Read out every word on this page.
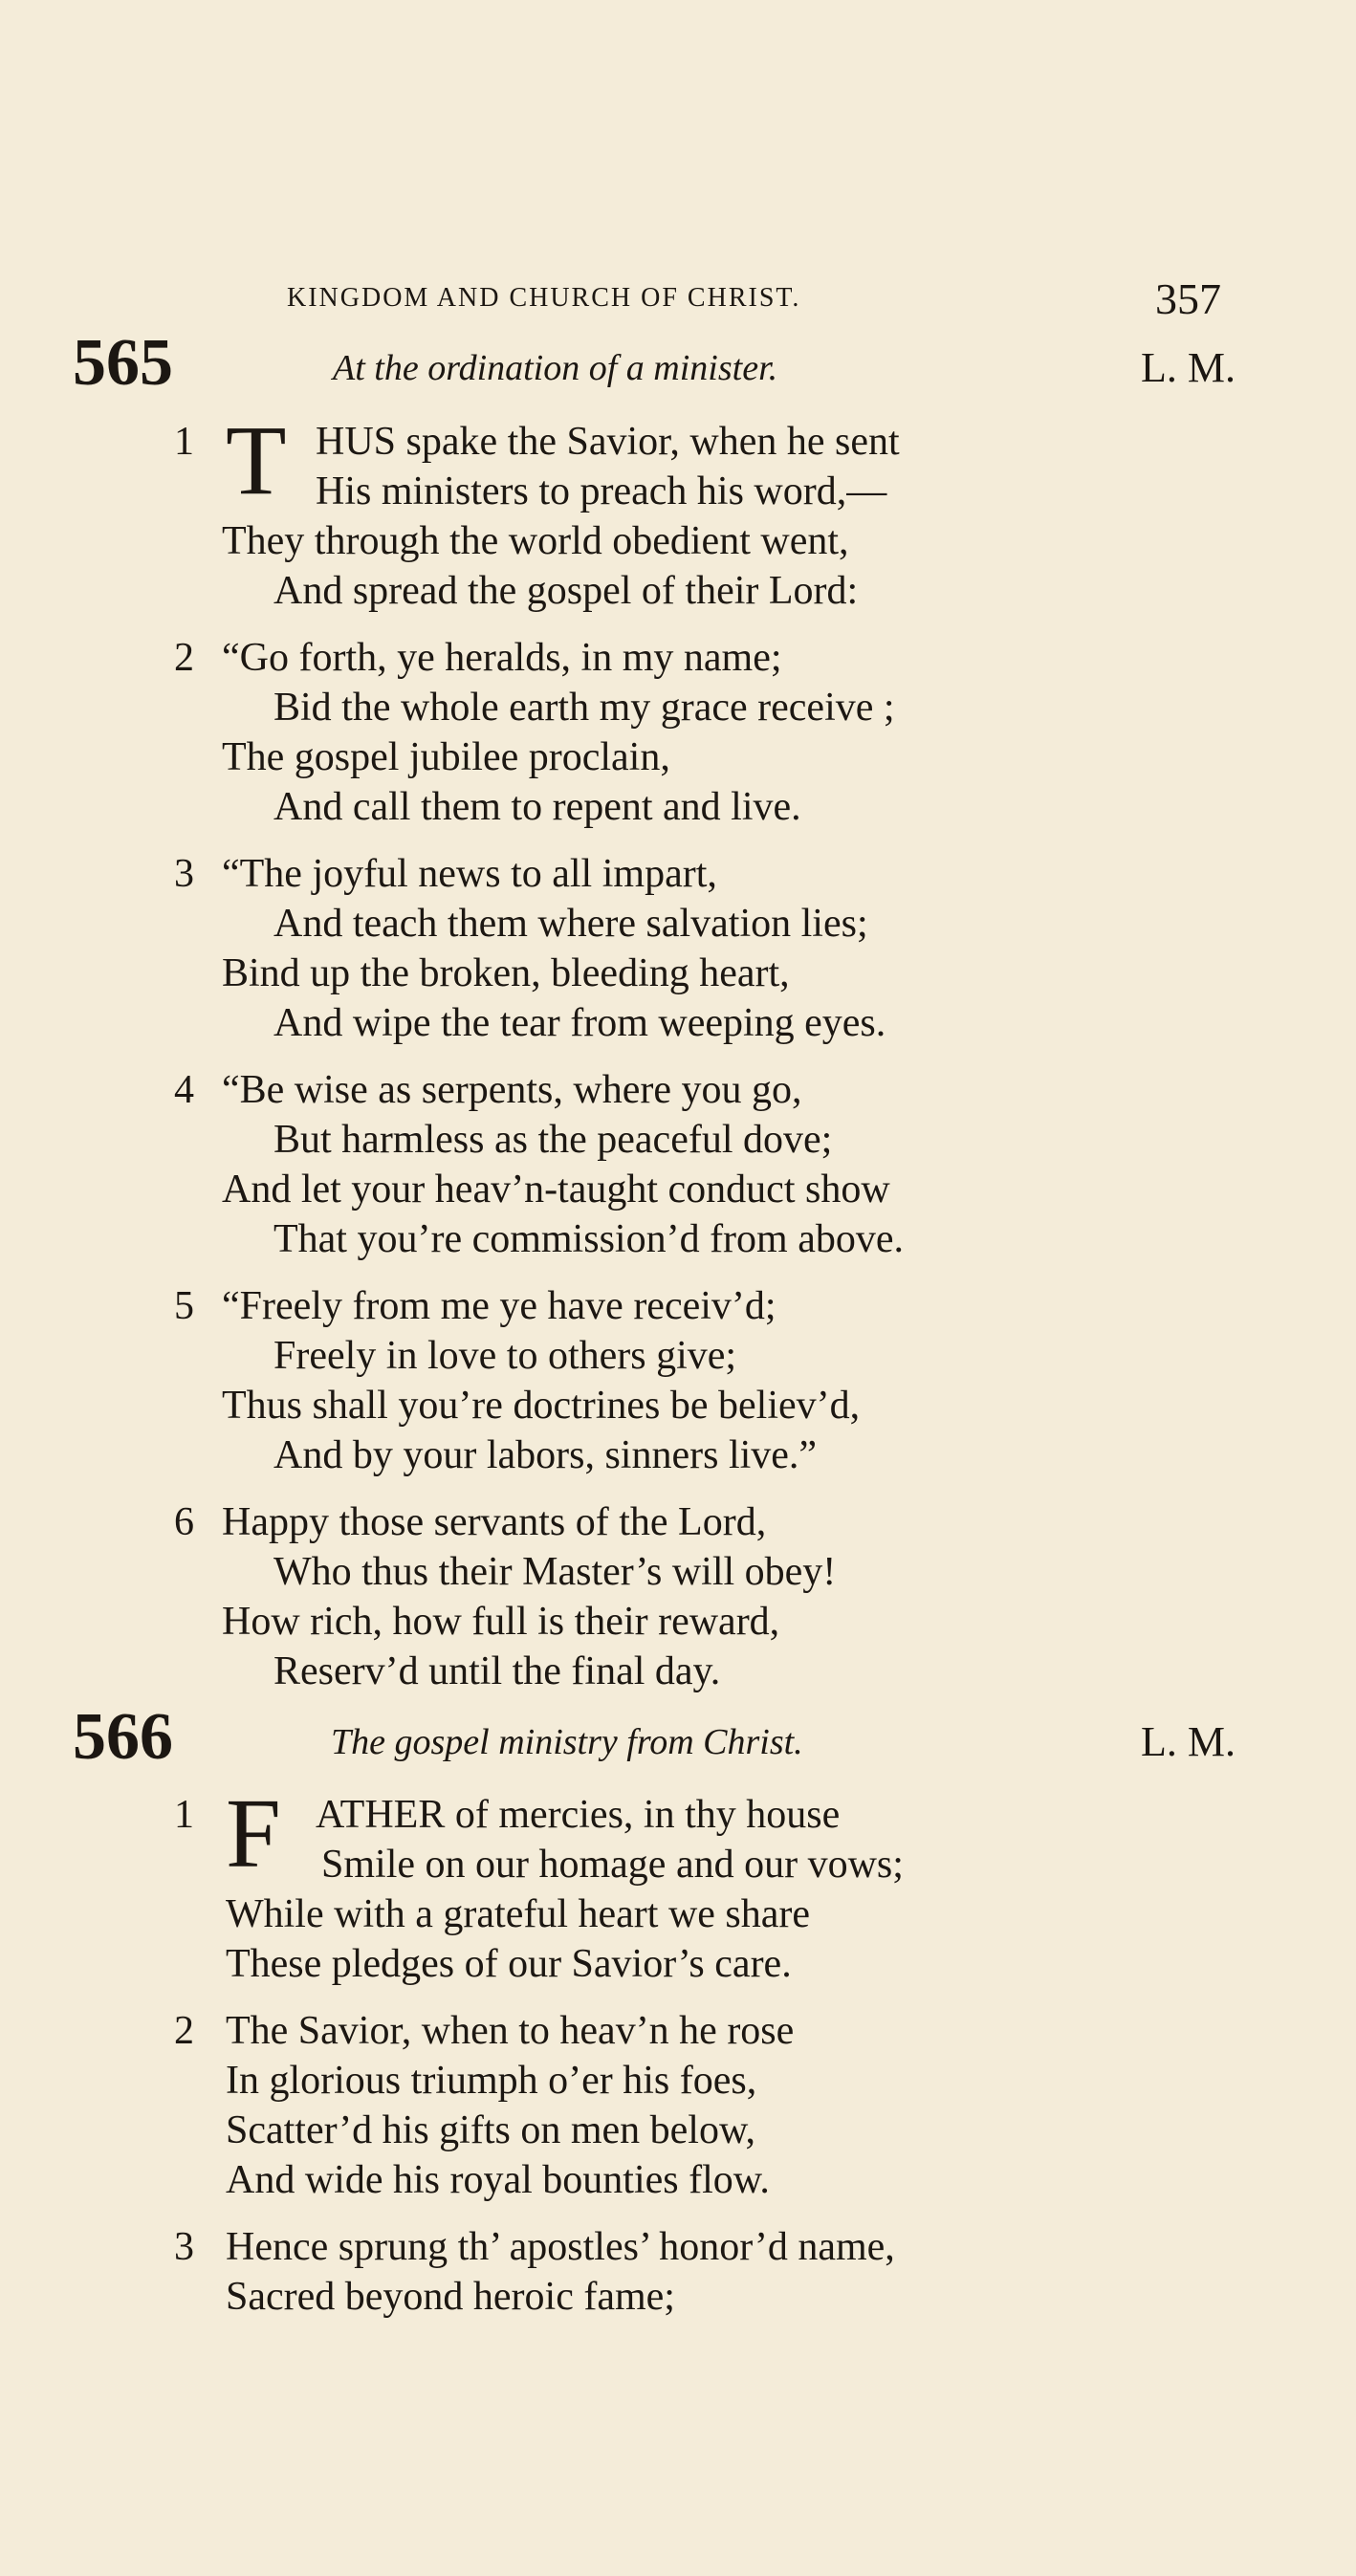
KINGDOM AND CHURCH OF CHRIST.	357
565	At the ordination of a minister.	L. M.
1 T HUS spake the Savior, when he sent
His ministers to preach his word,—
They through the world obedient went,
And spread the gospel of their Lord:
2 “Go forth, ye heralds, in my name;
Bid the whole earth my grace receive ;
The gospel jubilee proclain,
And call them to repent and live.
3 “The joyful news to all impart,
And teach them where salvation lies;
Bind up the broken, bleeding heart,
And wipe the tear from weeping eyes.
4 “Be wise as serpents, where you go,
But harmless as the peaceful dove;
And let your heav’n-taught conduct show
That you’re commission’d from above.
5 “Freely from me ye have receiv’d;
Freely in love to others give;
Thus shall you’re doctrines be believ’d,
And by your labors, sinners live.”
6 Happy those servants of the Lord,
Who thus their Master’s will obey!
How rich, how full is their reward,
Reserv’d until the final day.
566	The gospel ministry from Christ.	L. M.
1 F ATHER of mercies, in thy house
Smile on our homage and our vows;
While with a grateful heart we share
These pledges of our Savior’s care.
2 The Savior, when to heav’n he rose
In glorious triumph o’er his foes,
Scatter’d his gifts on men below,
And wide his royal bounties flow.
3 Hence sprung th’ apostles’ honor’d name,
Sacred beyond heroic fame;
